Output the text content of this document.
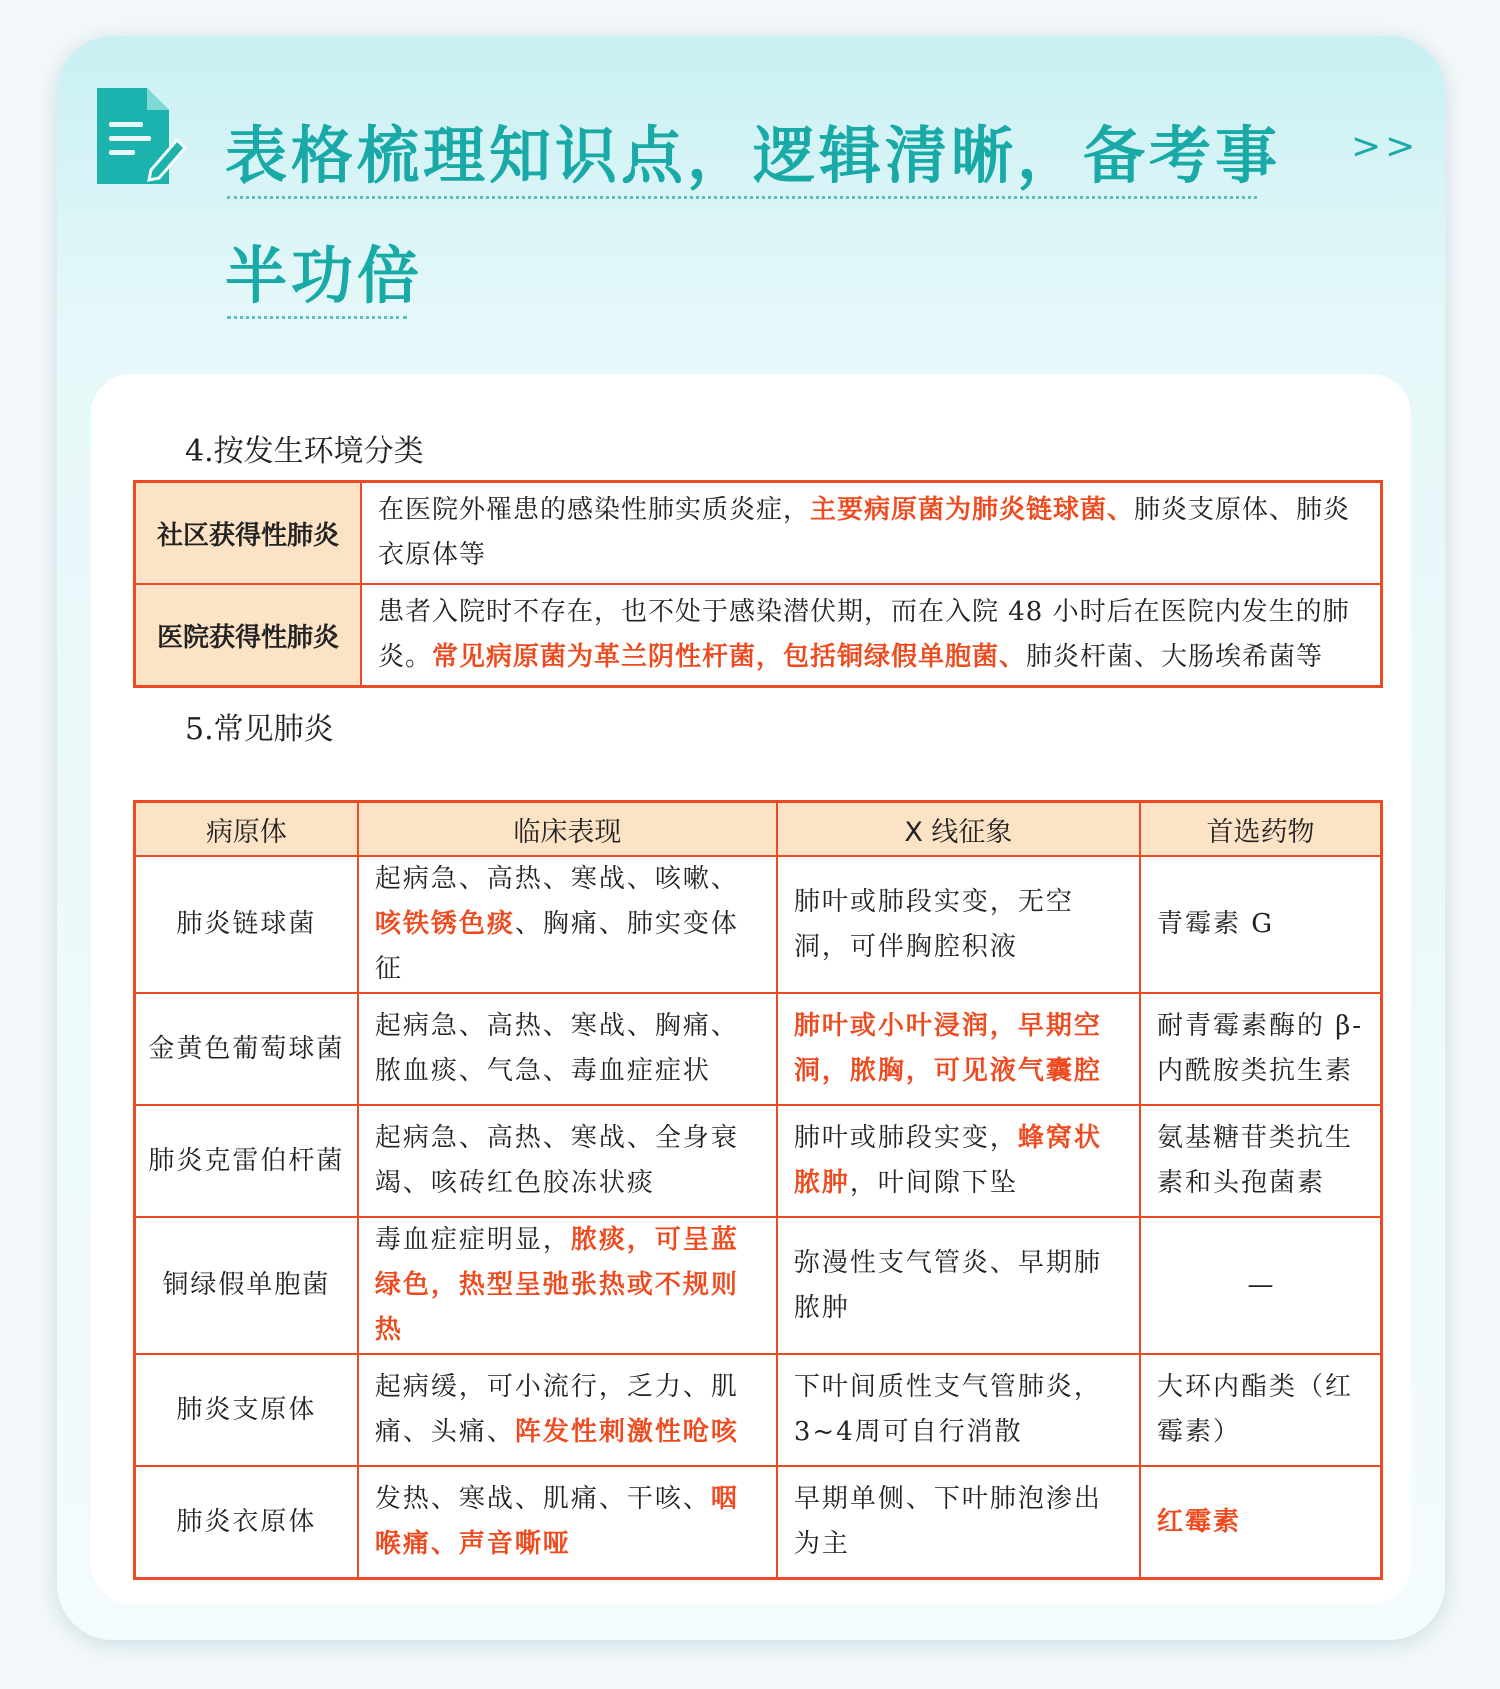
表格梳理知识点，逻辑清晰，备考事
半功倍
>>
4.按发生环境分类
社区获得性肺炎	在医院外罹患的感染性肺实质炎症，主要病原菌为肺炎链球菌、肺炎支原体、肺炎衣原体等
医院获得性肺炎	患者入院时不存在，也不处于感染潜伏期，而在入院 48 小时后在医院内发生的肺炎。常见病原菌为革兰阴性杆菌，包括铜绿假单胞菌、肺炎杆菌、大肠埃希菌等
5.常见肺炎
病原体	临床表现	X 线征象	首选药物
肺炎链球菌	起病急、高热、寒战、咳嗽、咳铁锈色痰、胸痛、肺实变体征	肺叶或肺段实变，无空洞，可伴胸腔积液	青霉素 G
金黄色葡萄球菌	起病急、高热、寒战、胸痛、脓血痰、气急、毒血症症状	肺叶或小叶浸润，早期空洞，脓胸，可见液气囊腔	耐青霉素酶的 β-内酰胺类抗生素
肺炎克雷伯杆菌	起病急、高热、寒战、全身衰竭、咳砖红色胶冻状痰	肺叶或肺段实变，蜂窝状脓肿，叶间隙下坠	氨基糖苷类抗生素和头孢菌素
铜绿假单胞菌	毒血症症明显，脓痰，可呈蓝绿色，热型呈弛张热或不规则热	弥漫性支气管炎、早期肺脓肿	—
肺炎支原体	起病缓，可小流行，乏力、肌痛、头痛、阵发性刺激性呛咳	下叶间质性支气管肺炎，3~4周可自行消散	大环内酯类（红霉素）
肺炎衣原体	发热、寒战、肌痛、干咳、咽喉痛、声音嘶哑	早期单侧、下叶肺泡渗出为主	红霉素
